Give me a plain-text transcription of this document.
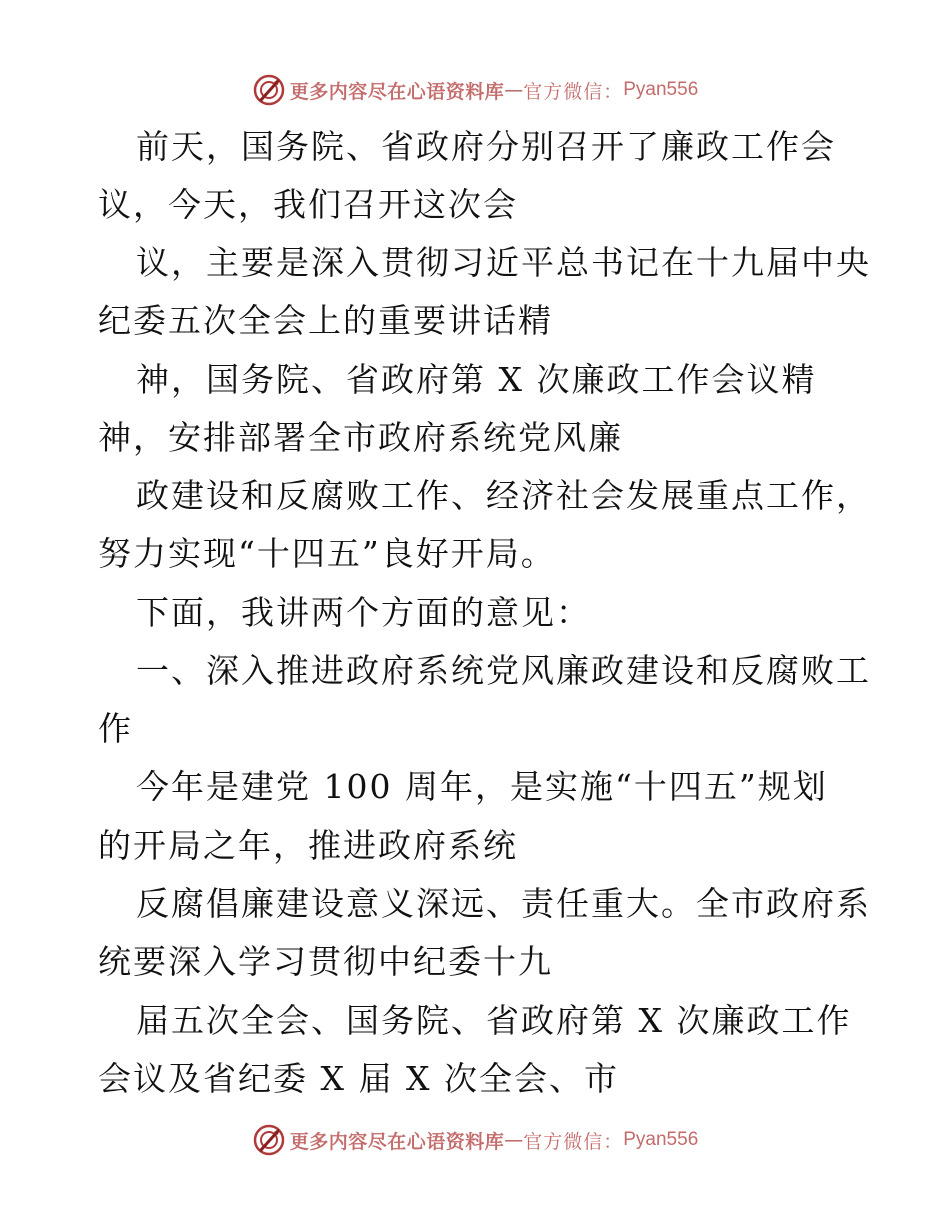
更多内容尽在心语资料库 — 官方微信： Pyan556
前天，国务院、省政府分别召开了廉政工作会
议，今天，我们召开这次会
议，主要是深入贯彻习近平总书记在十九届中央
纪委五次全会上的重要讲话精
神，国务院、省政府第 X 次廉政工作会议精
神，安排部署全市政府系统党风廉
政建设和反腐败工作、经济社会发展重点工作，
努力实现“十四五”良好开局。
下面，我讲两个方面的意见：
一、深入推进政府系统党风廉政建设和反腐败工
作
今年是建党 100 周年，是实施“十四五”规划
的开局之年，推进政府系统
反腐倡廉建设意义深远、责任重大。全市政府系
统要深入学习贯彻中纪委十九
届五次全会、国务院、省政府第 X 次廉政工作
会议及省纪委 X 届 X 次全会、市
更多内容尽在心语资料库 — 官方微信： Pyan556
